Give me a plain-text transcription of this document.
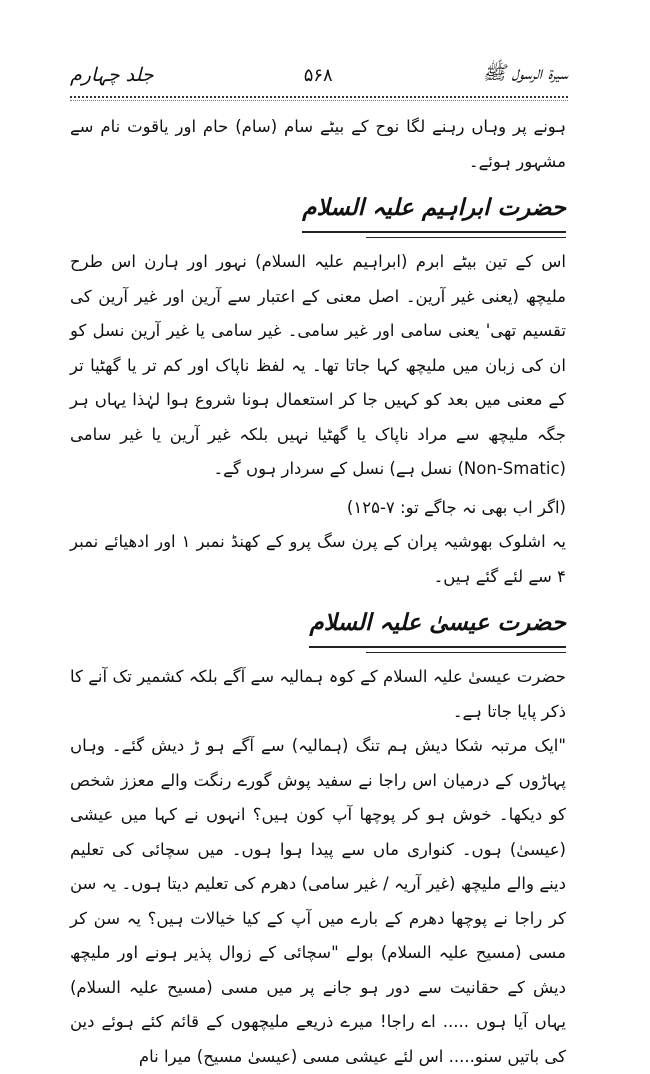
جلد چہارم	۵۶۸	سیرۃ الرسول ﷺ

ہونے پر وہاں رہنے لگا نوح کے بیٹے سام (سام) حام اور یاقوت نام سے مشہور ہوئے۔

حضرت ابراہیم علیہ السلام

اس کے تین بیٹے ابرم (ابراہیم علیہ السلام) نہور اور ہارن اس طرح ملیچھ (یعنی غیر آرین۔ اصل معنی کے اعتبار سے آرین اور غیر آرین کی تقسیم تھی' یعنی سامی اور غیر سامی۔ غیر سامی یا غیر آرین نسل کو ان کی زبان میں ملیچھ کہا جاتا تھا۔ یہ لفظ ناپاک اور کم تر یا گھٹیا تر کے معنی میں بعد کو کہیں جا کر استعمال ہونا شروع ہوا لہٰذا یہاں ہر جگہ ملیچھ سے مراد ناپاک یا گھٹیا نہیں بلکہ غیر آرین یا غیر سامی (Non-Smatic) نسل ہے) نسل کے سردار ہوں گے۔

(اگر اب بھی نہ جاگے تو: ۷-۱۲۵)

یہ اشلوک بھوشیہ پران کے پرن سگ پرو کے کھنڈ نمبر ۱ اور ادھیائے نمبر ۴ سے لئے گئے ہیں۔

حضرت عیسیٰ علیہ السلام

حضرت عیسیٰ علیہ السلام کے کوہ ہمالیہ سے آگے بلکہ کشمیر تک آنے کا ذکر پایا جاتا ہے۔

"ایک مرتبہ شکا دیش ہم تنگ (ہمالیہ) سے آگے ہو ڑ دیش گئے۔ وہاں پہاڑوں کے درمیان اس راجا نے سفید پوش گورے رنگت والے معزز شخص کو دیکھا۔ خوش ہو کر پوچھا آپ کون ہیں؟ انہوں نے کہا میں عیشی (عیسیٰ) ہوں۔ کنواری ماں سے پیدا ہوا ہوں۔ میں سچائی کی تعلیم دینے والے ملیچھ (غیر آریہ / غیر سامی) دھرم کی تعلیم دیتا ہوں۔ یہ سن کر راجا نے پوچھا دھرم کے بارے میں آپ کے کیا خیالات ہیں؟ یہ سن کر مسی (مسیح علیہ السلام) بولے "سچائی کے زوال پذیر ہونے اور ملیچھ دیش کے حقانیت سے دور ہو جانے پر میں مسی (مسیح علیہ السلام) یہاں آیا ہوں ..... اے راجا! میرے ذریعے ملیچھوں کے قائم کئے ہوئے دین کی باتیں سنو..... اس لئے عیشی مسی (عیسیٰ مسیح) میرا نام
